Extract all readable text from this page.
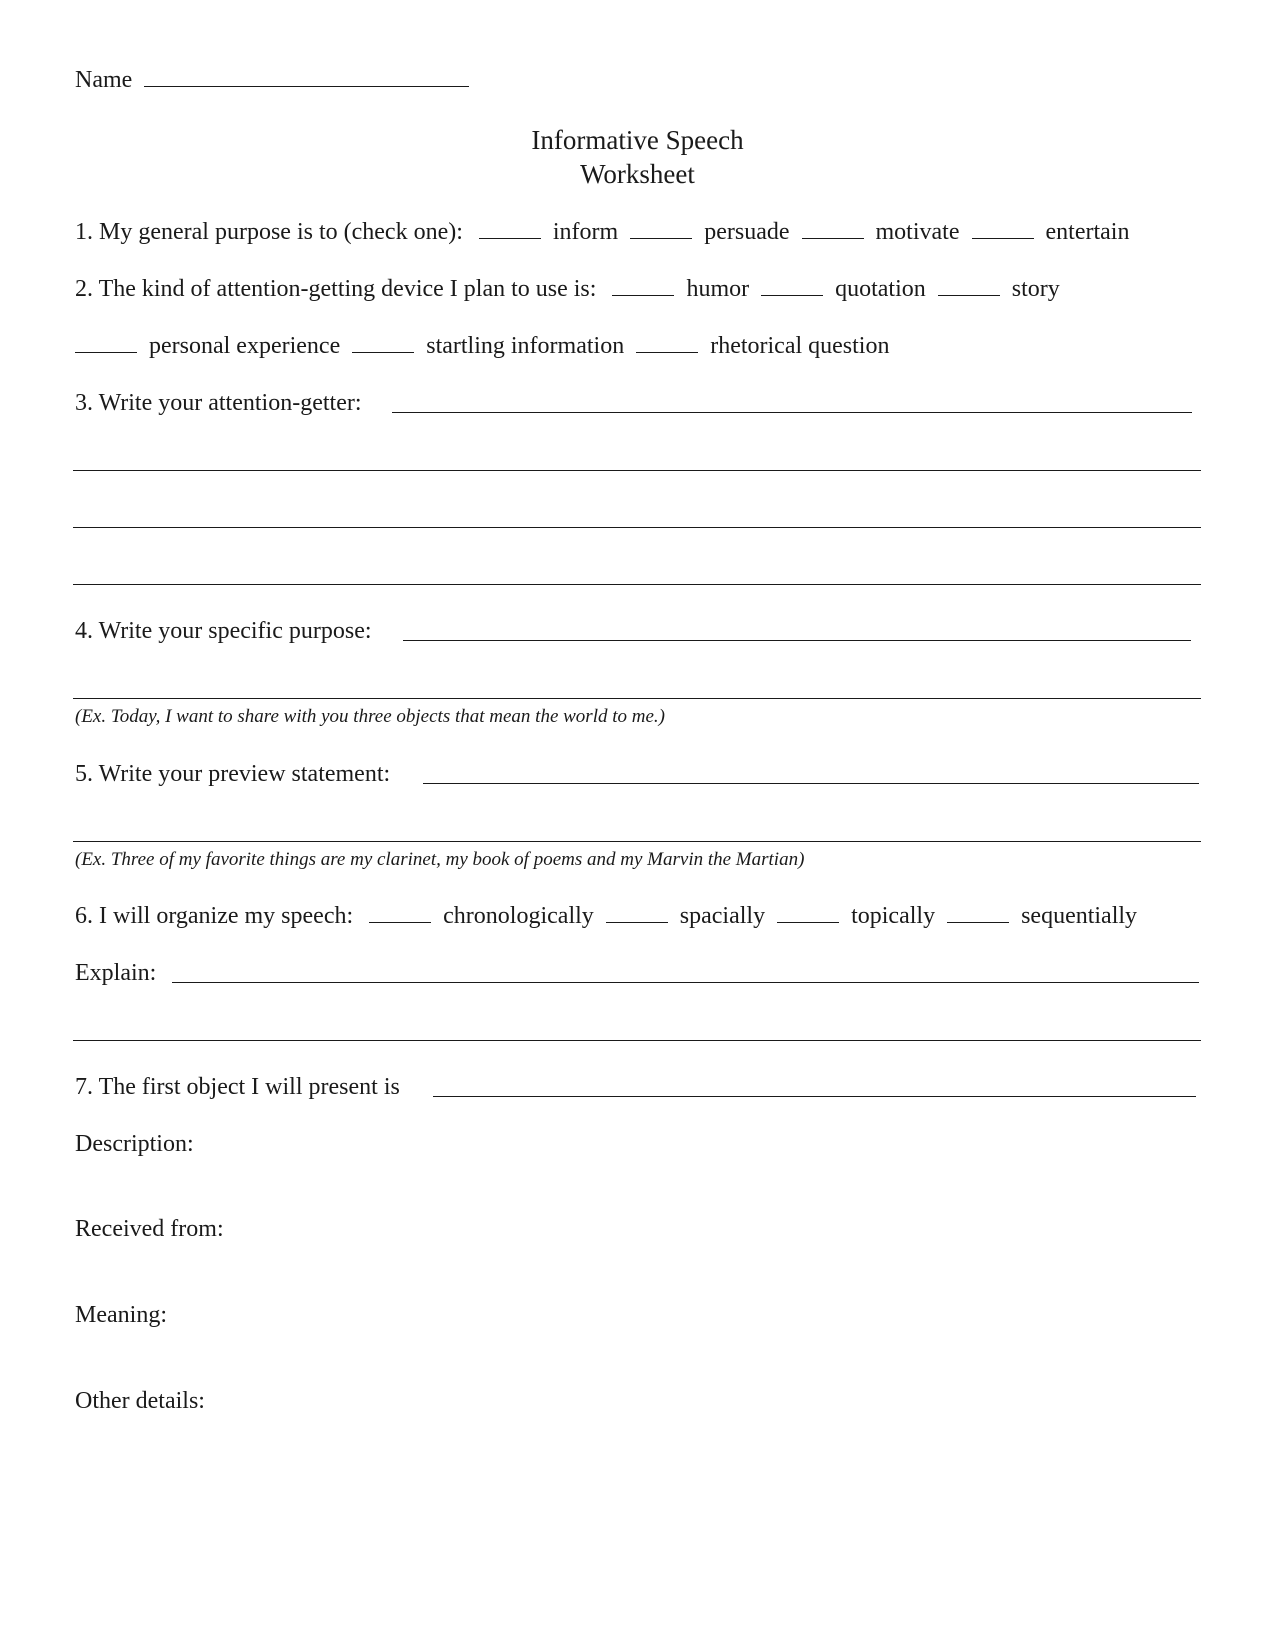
Name
Informative Speech
Worksheet
1. My general purpose is to (check one):	inform	persuade	motivate	entertain
2. The kind of attention-getting device I plan to use is:	humor	quotation	story
personal experience	startling information	rhetorical question
3. Write your attention-getter:
4. Write your specific purpose:
(Ex. Today, I want to share with you three objects that mean the world to me.)
5. Write your preview statement:
(Ex. Three of my favorite things are my clarinet, my book of poems and my Marvin the Martian)
6. I will organize my speech:	chronologically	spacially	topically	sequentially
Explain:
7. The first object I will present is
Description:
Received from:
Meaning:
Other details:
